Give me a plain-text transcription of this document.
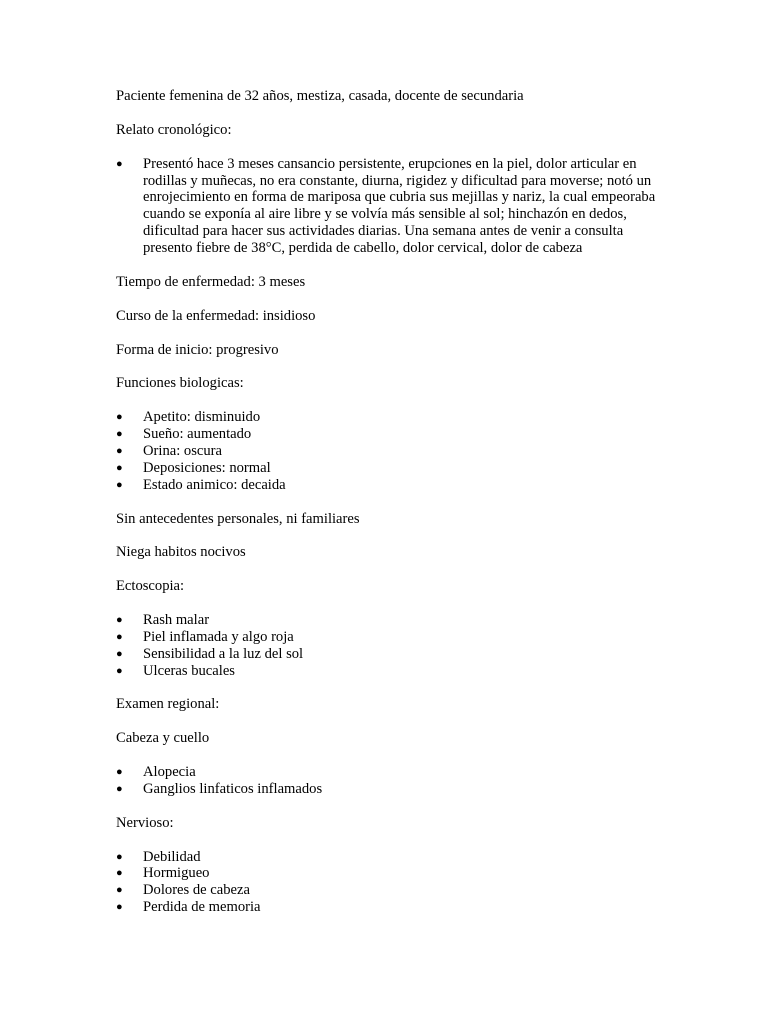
Paciente femenina de 32 años, mestiza, casada, docente de secundaria

Relato cronológico:

●	Presentó hace 3 meses cansancio persistente, erupciones en la piel, dolor articular en rodillas y muñecas, no era constante, diurna, rigidez y dificultad para moverse; notó un enrojecimiento en forma de mariposa que cubria sus mejillas y nariz, la cual empeoraba cuando se exponía al aire libre y se volvía más sensible al sol; hinchazón en dedos, dificultad para hacer sus actividades diarias. Una semana antes de venir a consulta presento fiebre de 38°C, perdida de cabello, dolor cervical, dolor de cabeza

Tiempo de enfermedad: 3 meses

Curso de la enfermedad: insidioso

Forma de inicio: progresivo

Funciones biologicas:

●	Apetito: disminuido
●	Sueño: aumentado
●	Orina: oscura
●	Deposiciones: normal
●	Estado animico: decaida

Sin antecedentes personales, ni familiares

Niega habitos nocivos

Ectoscopia:

●	Rash malar
●	Piel inflamada y algo roja
●	Sensibilidad a la luz del sol
●	Ulceras bucales

Examen regional:

Cabeza y cuello

●	Alopecia
●	Ganglios linfaticos inflamados

Nervioso:

●	Debilidad
●	Hormigueo
●	Dolores de cabeza
●	Perdida de memoria
